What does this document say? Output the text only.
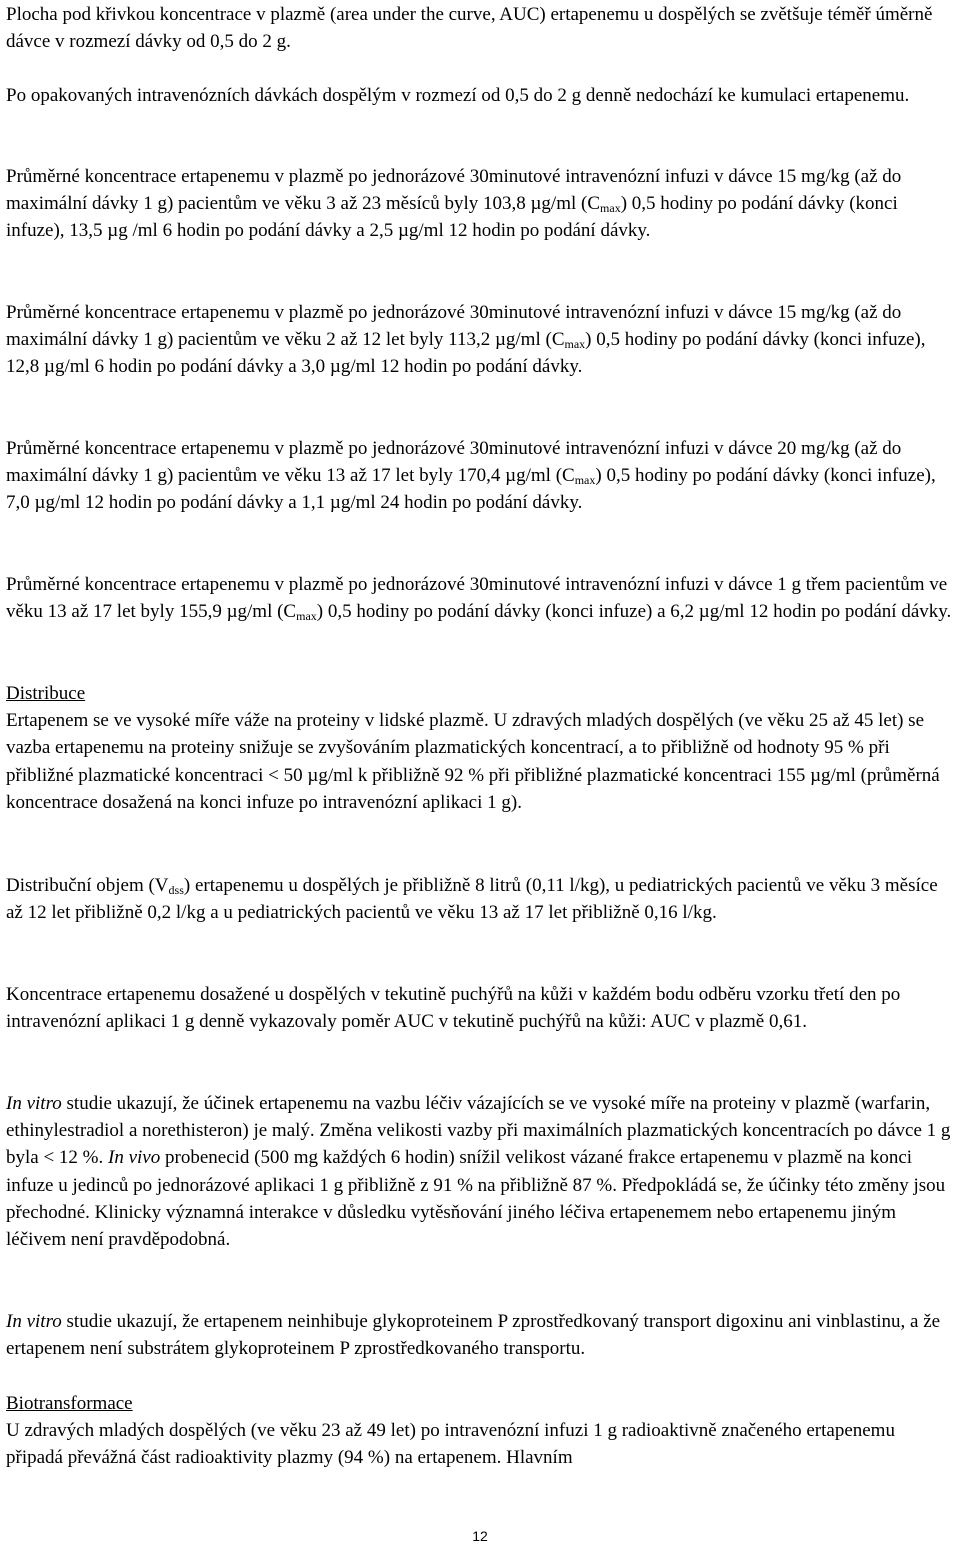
Plocha pod křivkou koncentrace v plazmě (area under the curve, AUC) ertapenemu u dospělých se zvětšuje téměř úměrně dávce v rozmezí dávky od 0,5 do 2 g.

Po opakovaných intravenózních dávkách dospělým v rozmezí od 0,5 do 2 g denně nedochází ke kumulaci ertapenemu.

Průměrné koncentrace ertapenemu v plazmě po jednorázové 30minutové intravenózní infuzi v dávce 15 mg/kg (až do maximální dávky 1 g) pacientům ve věku 3 až 23 měsíců byly 103,8 µg/ml $(C_{max})$ 0,5 hodiny po podání dávky (konci infuze), 13,5 µg /ml 6 hodin po podání dávky a 2,5 µg/ml 12 hodin po podání dávky.

Průměrné koncentrace ertapenemu v plazmě po jednorázové 30minutové intravenózní infuzi v dávce 15 mg/kg (až do maximální dávky 1 g) pacientům ve věku 2 až 12 let byly 113,2 µg/ml $(C_{max})$ 0,5 hodiny po podání dávky (konci infuze), 12,8 µg/ml 6 hodin po podání dávky a 3,0 µg/ml 12 hodin po podání dávky.

Průměrné koncentrace ertapenemu v plazmě po jednorázové 30minutové intravenózní infuzi v dávce 20 mg/kg (až do maximální dávky 1 g) pacientům ve věku 13 až 17 let byly 170,4 µg/ml $(C_{max})$ 0,5 hodiny po podání dávky (konci infuze), 7,0 µg/ml 12 hodin po podání dávky a 1,1 µg/ml 24 hodin po podání dávky.

Průměrné koncentrace ertapenemu v plazmě po jednorázové 30minutové intravenózní infuzi v dávce 1 g třem pacientům ve věku 13 až 17 let byly 155,9 µg/ml $(C_{max})$ 0,5 hodiny po podání dávky (konci infuze) a 6,2 µg/ml 12 hodin po podání dávky.

Distribuce
Ertapenem se ve vysoké míře váže na proteiny v lidské plazmě. U zdravých mladých dospělých (ve věku 25 až 45 let) se vazba ertapenemu na proteiny snižuje se zvyšováním plazmatických koncentrací, a to přibližně od hodnoty 95 % při přibližné plazmatické koncentraci < 50 µg/ml k přibližně 92 % při přibližné plazmatické koncentraci 155 µg/ml (průměrná koncentrace dosažená na konci infuze po intravenózní aplikaci 1 g).

Distribuční objem $(V_{dss})$ ertapenemu u dospělých je přibližně 8 litrů (0,11 l/kg), u pediatrických pacientů ve věku 3 měsíce až 12 let přibližně 0,2 l/kg a u pediatrických pacientů ve věku 13 až 17 let přibližně 0,16 l/kg.

Koncentrace ertapenemu dosažené u dospělých v tekutině puchýřů na kůži v každém bodu odběru vzorku třetí den po intravenózní aplikaci 1 g denně vykazovaly poměr AUC v tekutině puchýřů na kůži: AUC v plazmě 0,61.

In vitro studie ukazují, že účinek ertapenemu na vazbu léčiv vázajících se ve vysoké míře na proteiny v plazmě (warfarin, ethinylestradiol a norethisteron) je malý. Změna velikosti vazby při maximálních plazmatických koncentracích po dávce 1 g byla < 12 %. In vivo probenecid (500 mg každých 6 hodin) snížil velikost vázané frakce ertapenemu v plazmě na konci infuze u jedinců po jednorázové aplikaci 1 g přibližně z 91 % na přibližně 87 %. Předpokládá se, že účinky této změny jsou přechodné. Klinicky významná interakce v důsledku vytěsňování jiného léčiva ertapenemem nebo ertapenemu jiným léčivem není pravděpodobná.

In vitro studie ukazují, že ertapenem neinhibuje glykoproteinem P zprostředkovaný transport digoxinu ani vinblastinu, a že ertapenem není substrátem glykoproteinem P zprostředkovaného transportu.

Biotransformace
U zdravých mladých dospělých (ve věku 23 až 49 let) po intravenózní infuzi 1 g radioaktivně značeného ertapenemu připadá převážná část radioaktivity plazmy (94 %) na ertapenem. Hlavním

12
